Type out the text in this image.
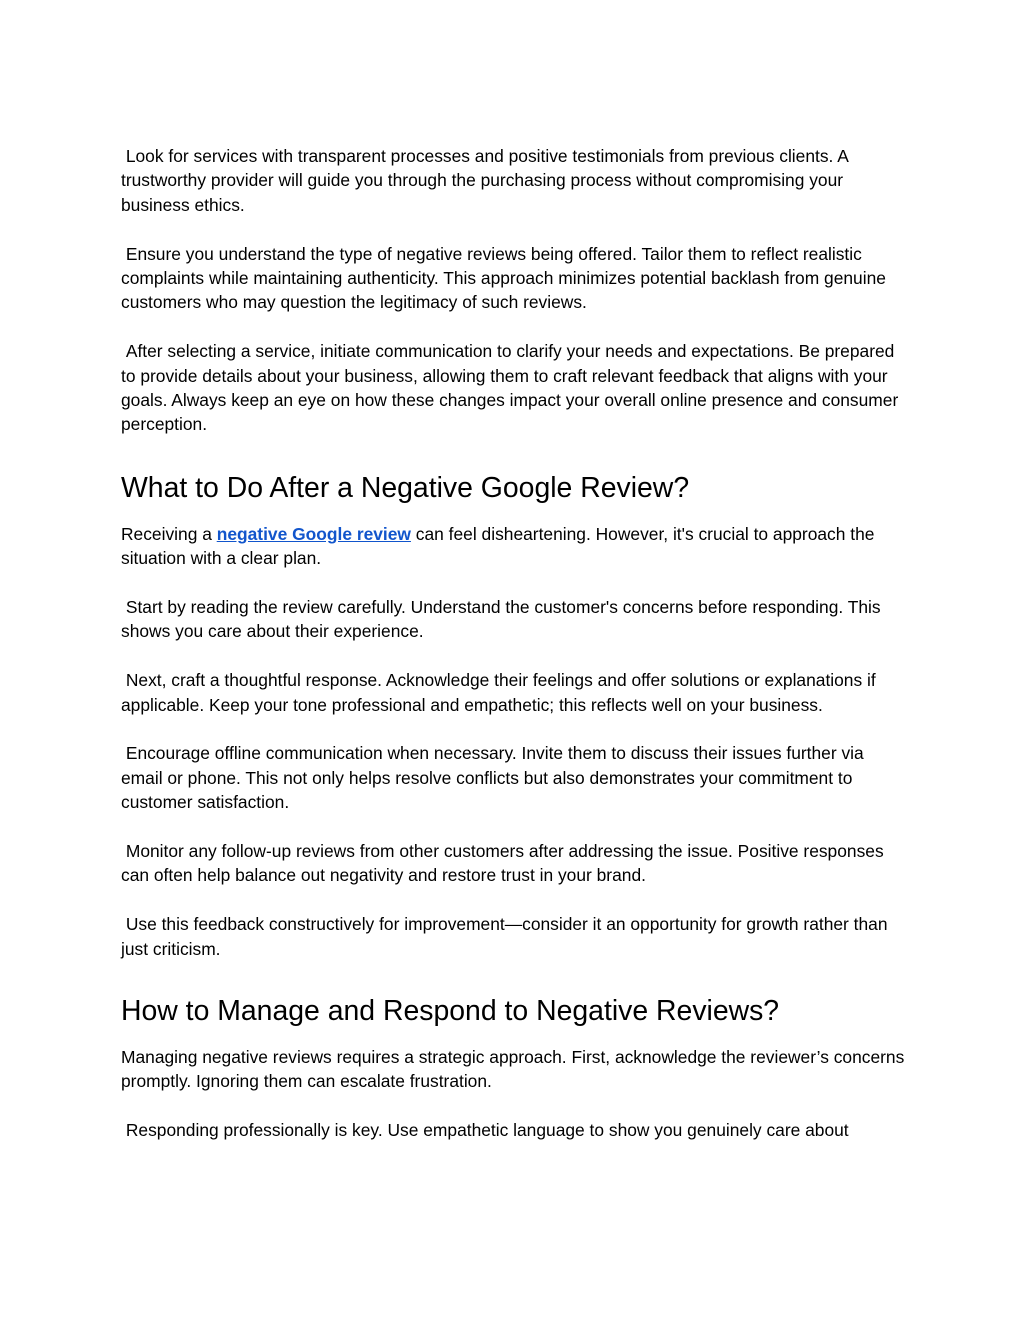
Look for services with transparent processes and positive testimonials from previous clients. A trustworthy provider will guide you through the purchasing process without compromising your business ethics.

Ensure you understand the type of negative reviews being offered. Tailor them to reflect realistic complaints while maintaining authenticity. This approach minimizes potential backlash from genuine customers who may question the legitimacy of such reviews.

After selecting a service, initiate communication to clarify your needs and expectations. Be prepared to provide details about your business, allowing them to craft relevant feedback that aligns with your goals. Always keep an eye on how these changes impact your overall online presence and consumer perception.

What to Do After a Negative Google Review?

Receiving a negative Google review can feel disheartening. However, it's crucial to approach the situation with a clear plan.

Start by reading the review carefully. Understand the customer's concerns before responding. This shows you care about their experience.

Next, craft a thoughtful response. Acknowledge their feelings and offer solutions or explanations if applicable. Keep your tone professional and empathetic; this reflects well on your business.

Encourage offline communication when necessary. Invite them to discuss their issues further via email or phone. This not only helps resolve conflicts but also demonstrates your commitment to customer satisfaction.

Monitor any follow-up reviews from other customers after addressing the issue. Positive responses can often help balance out negativity and restore trust in your brand.

Use this feedback constructively for improvement—consider it an opportunity for growth rather than just criticism.

How to Manage and Respond to Negative Reviews?

Managing negative reviews requires a strategic approach. First, acknowledge the reviewer’s concerns promptly. Ignoring them can escalate frustration.

Responding professionally is key. Use empathetic language to show you genuinely care about
